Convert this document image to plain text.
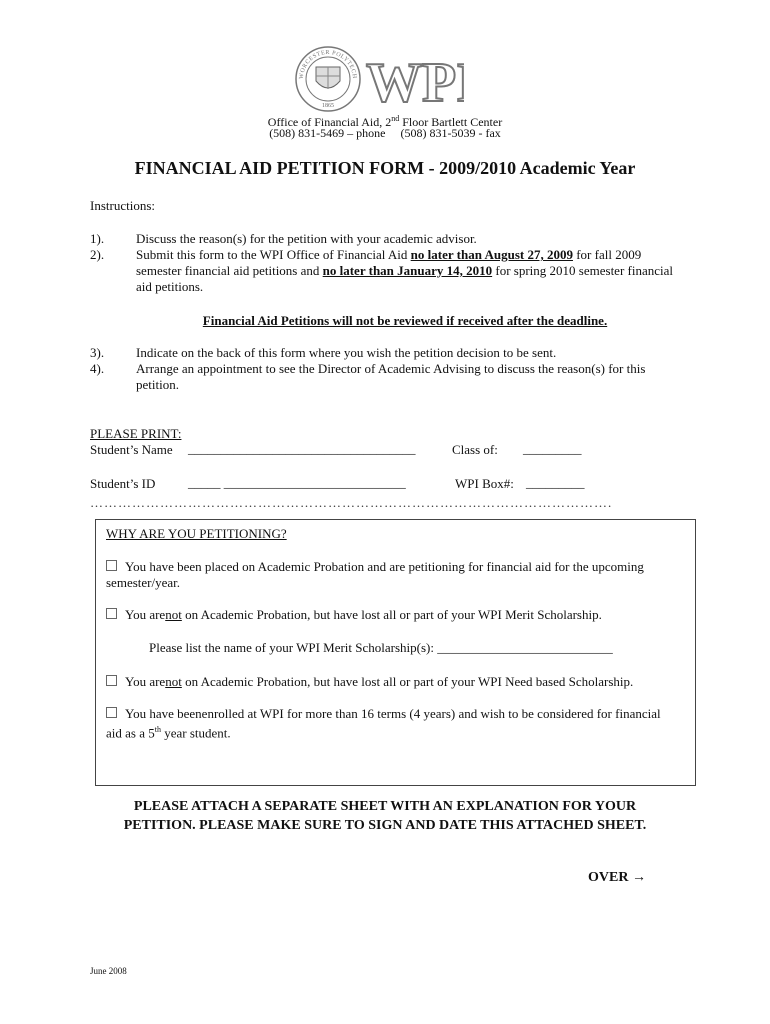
WORCESTER POLYTECH
1865 WP
Office of Financial Aid, 2nd Floor Bartlett Center
(508) 831-5469 – phone     (508) 831-5039 - fax
FINANCIAL AID PETITION FORM - 2009/2010 Academic Year
Instructions:
1). Discuss the reason(s) for the petition with your academic advisor.
2). Submit this form to the WPI Office of Financial Aid no later than August 27, 2009 for fall 2009 semester financial aid petitions and no later than January 14, 2010 for spring 2010 semester financial aid petitions.
Financial Aid Petitions will not be reviewed if received after the deadline.
3). Indicate on the back of this form where you wish the petition decision to be sent.
4). Arrange an appointment to see the Director of Academic Advising to discuss the reason(s) for this petition.
PLEASE PRINT:
Student’s Name ___________________________________	Class of: _________
Student’s ID	_____ ____________________________	WPI Box#: _________
………………………………………………………………………………………………….
WHY ARE YOU PETITIONING?
You have been placed on Academic Probation and are petitioning for financial aid for the upcoming semester/year.
You arenot on Academic Probation, but have lost all or part of your WPI Merit Scholarship.
Please list the name of your WPI Merit Scholarship(s): ___________________________
You arenot on Academic Probation, but have lost all or part of your WPI Need based Scholarship.
You have beenenrolled at WPI for more than 16 terms (4 years) and wish to be considered for financial aid as a 5th year student.
PLEASE ATTACH A SEPARATE SHEET WITH AN EXPLANATION FOR YOUR
PETITION. PLEASE MAKE SURE TO SIGN AND DATE THIS ATTACHED SHEET.
OVER →
June 2008
